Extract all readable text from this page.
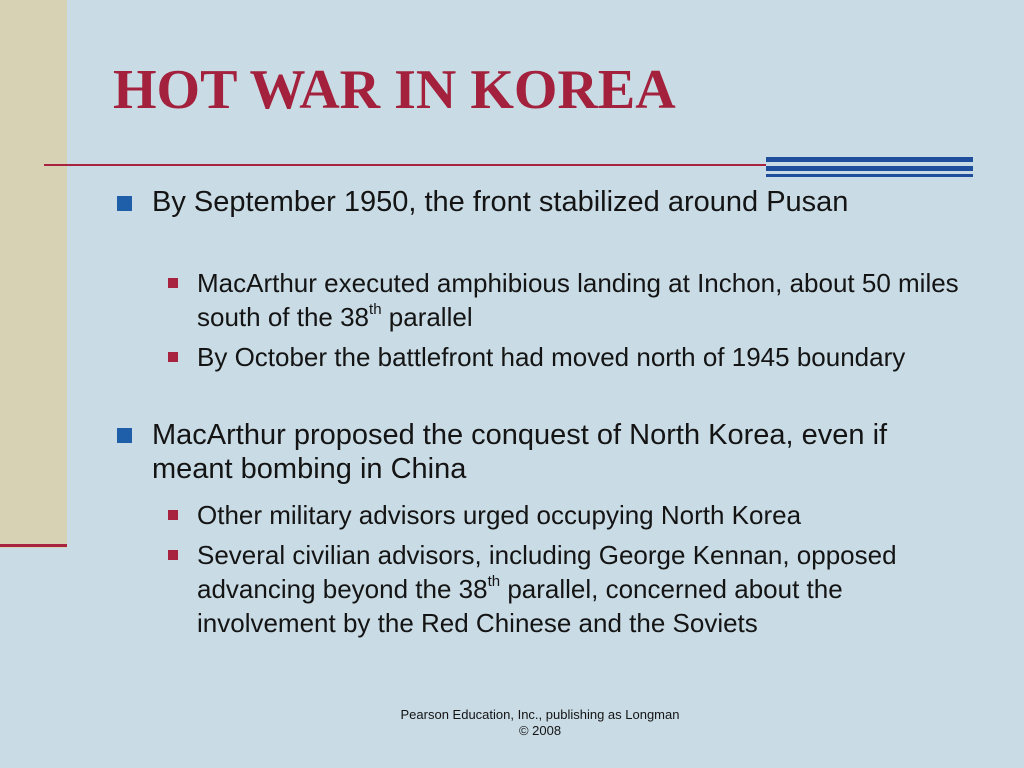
HOT WAR IN KOREA

By September 1950, the front stabilized around Pusan

MacArthur executed amphibious landing at Inchon, about 50 miles south of the 38th parallel

By October the battlefront had moved north of 1945 boundary

MacArthur proposed the conquest of North Korea, even if meant bombing in China

Other military advisors urged occupying North Korea

Several civilian advisors, including George Kennan, opposed advancing beyond the 38th parallel, concerned about the involvement by the Red Chinese and the Soviets

Pearson Education, Inc., publishing as Longman
© 2008
